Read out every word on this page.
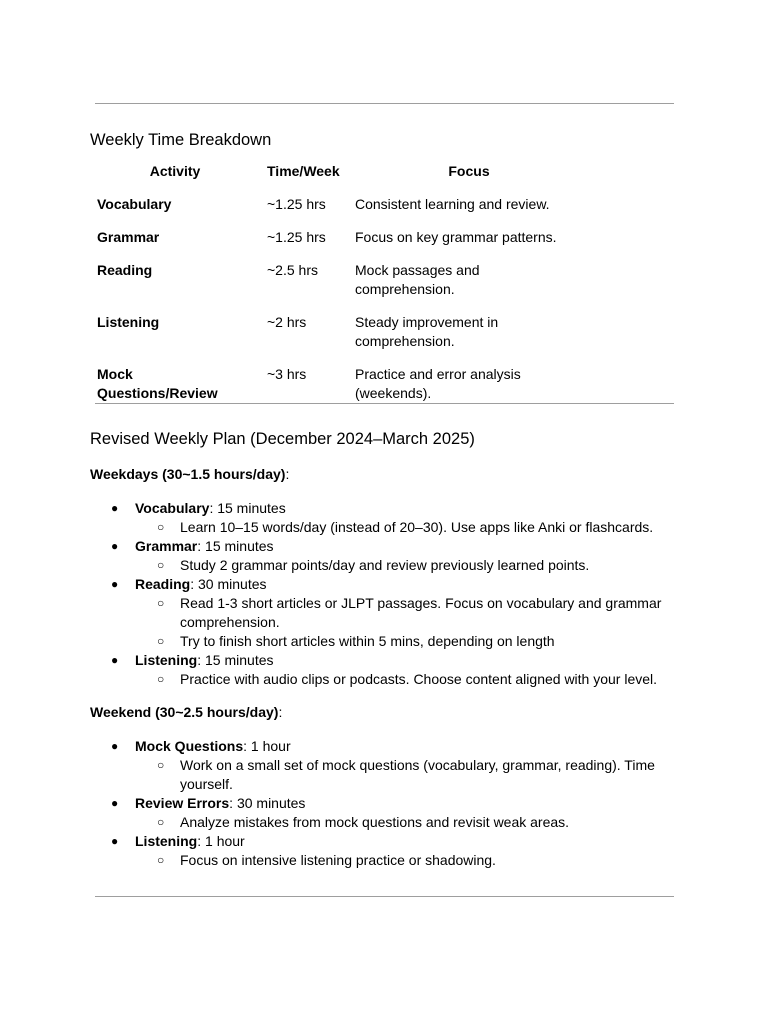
Weekly Time Breakdown
Activity	Time/Week	Focus
Vocabulary	~1.25 hrs	Consistent learning and review.
Grammar	~1.25 hrs	Focus on key grammar patterns.
Reading	~2.5 hrs	Mock passages and comprehension.
Listening	~2 hrs	Steady improvement in comprehension.
Mock Questions/Review	~3 hrs	Practice and error analysis (weekends).
Revised Weekly Plan (December 2024–March 2025)

Weekdays (30~1.5 hours/day):

● Vocabulary: 15 minutes
○ Learn 10–15 words/day (instead of 20–30). Use apps like Anki or flashcards.
● Grammar: 15 minutes
○ Study 2 grammar points/day and review previously learned points.
● Reading: 30 minutes
○ Read 1-3 short articles or JLPT passages. Focus on vocabulary and grammar comprehension.
○ Try to finish short articles within 5 mins, depending on length
● Listening: 15 minutes
○ Practice with audio clips or podcasts. Choose content aligned with your level.

Weekend (30~2.5 hours/day):

● Mock Questions: 1 hour
○ Work on a small set of mock questions (vocabulary, grammar, reading). Time yourself.
● Review Errors: 30 minutes
○ Analyze mistakes from mock questions and revisit weak areas.
● Listening: 1 hour
○ Focus on intensive listening practice or shadowing.
